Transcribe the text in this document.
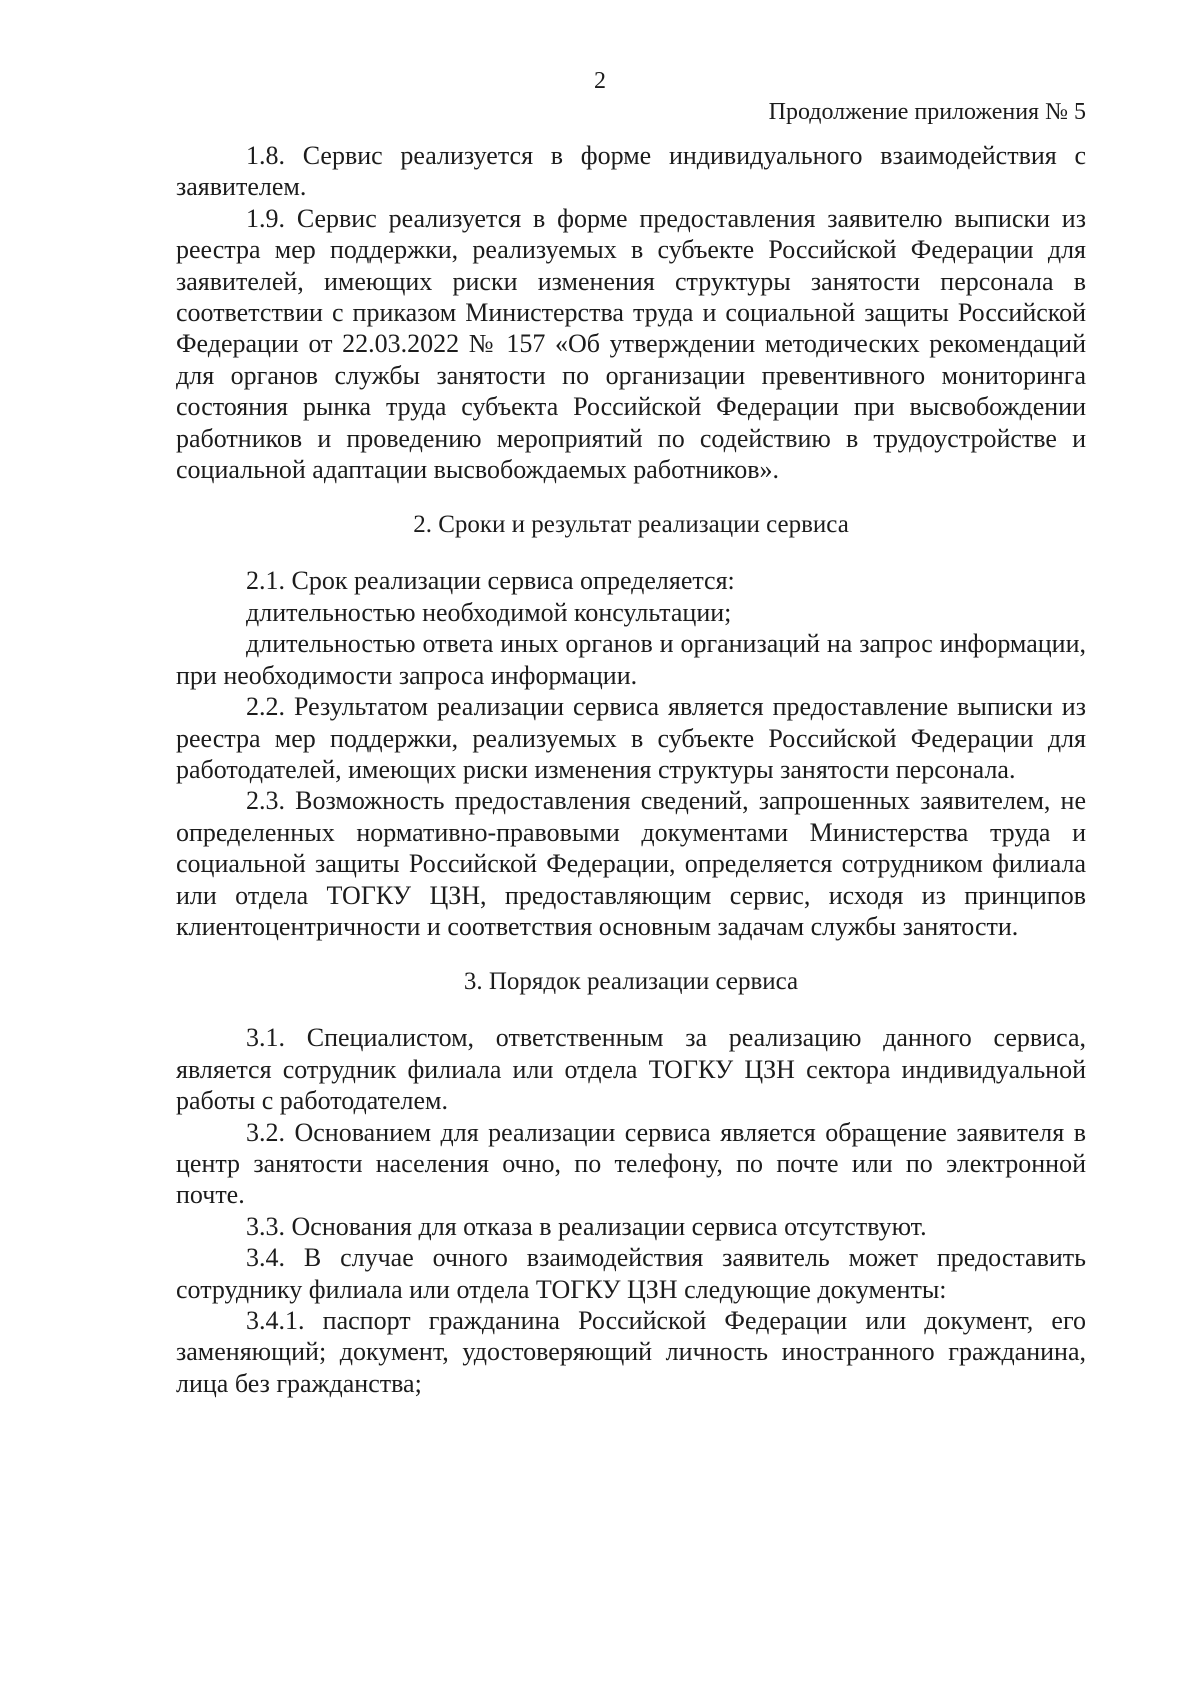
2
Продолжение приложения № 5

1.8. Сервис реализуется в форме индивидуального взаимодействия с заявителем.

1.9. Сервис реализуется в форме предоставления заявителю выписки из реестра мер поддержки, реализуемых в субъекте Российской Федерации для заявителей, имеющих риски изменения структуры занятости персонала в соответствии с приказом Министерства труда и социальной защиты Российской Федерации от 22.03.2022 № 157 «Об утверждении методических рекомендаций для органов службы занятости по организации превентивного мониторинга состояния рынка труда субъекта Российской Федерации при высвобождении работников и проведению мероприятий по содействию в трудоустройстве и социальной адаптации высвобождаемых работников».

2. Сроки и результат реализации сервиса

2.1. Срок реализации сервиса определяется:

длительностью необходимой консультации;

длительностью ответа иных органов и организаций на запрос информации, при необходимости запроса информации.

2.2. Результатом реализации сервиса является предоставление выписки из реестра мер поддержки, реализуемых в субъекте Российской Федерации для работодателей, имеющих риски изменения структуры занятости персонала.

2.3. Возможность предоставления сведений, запрошенных заявителем, не определенных нормативно-правовыми документами Министерства труда и социальной защиты Российской Федерации, определяется сотрудником филиала или отдела ТОГКУ ЦЗН, предоставляющим сервис, исходя из принципов клиентоцентричности и соответствия основным задачам службы занятости.

3. Порядок реализации сервиса

3.1. Специалистом, ответственным за реализацию данного сервиса, является сотрудник филиала или отдела ТОГКУ ЦЗН сектора индивидуальной работы с работодателем.

3.2. Основанием для реализации сервиса является обращение заявителя в центр занятости населения очно, по телефону, по почте или по электронной почте.

3.3. Основания для отказа в реализации сервиса отсутствуют.

3.4. В случае очного взаимодействия заявитель может предоставить сотруднику филиала или отдела ТОГКУ ЦЗН следующие документы:

3.4.1. паспорт гражданина Российской Федерации или документ, его заменяющий; документ, удостоверяющий личность иностранного гражданина, лица без гражданства;
